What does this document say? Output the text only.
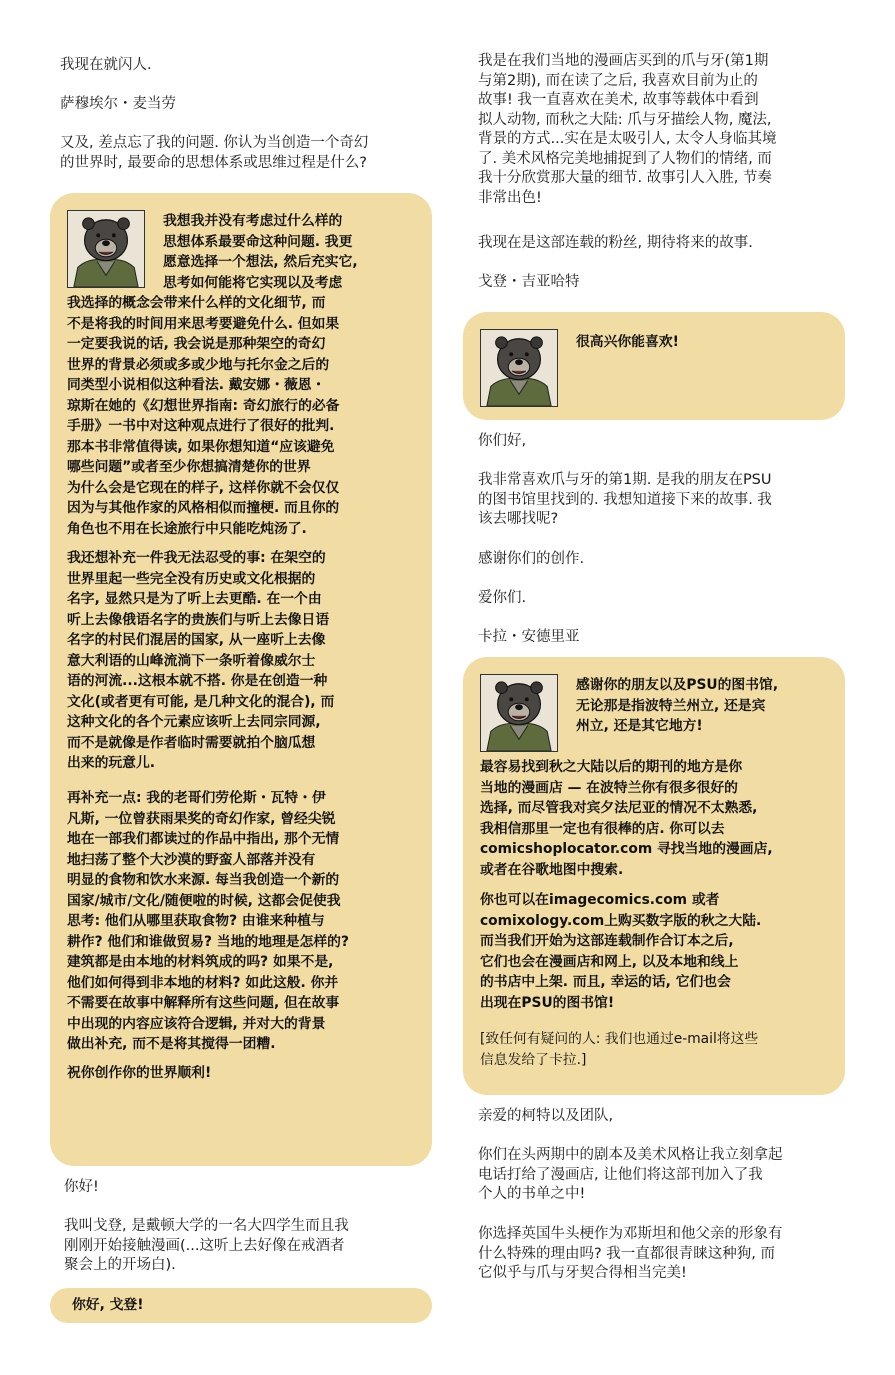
我现在就闪人.

萨穆埃尔・麦当劳

又及, 差点忘了我的问题. 你认为当创造一个奇幻
的世界时, 最要命的思想体系或思维过程是什么?

我想我并没有考虑过什么样的
思想体系最要命这种问题. 我更
愿意选择一个想法, 然后充实它,
思考如何能将它实现以及考虑

我选择的概念会带来什么样的文化细节, 而
不是将我的时间用来思考要避免什么. 但如果
一定要我说的话, 我会说是那种架空的奇幻
世界的背景必须或多或少地与托尔金之后的
同类型小说相似这种看法. 戴安娜・薇恩・
琼斯在她的《幻想世界指南: 奇幻旅行的必备
手册》一书中对这种观点进行了很好的批判.
那本书非常值得读, 如果你想知道“应该避免
哪些问题”或者至少你想搞清楚你的世界
为什么会是它现在的样子, 这样你就不会仅仅
因为与其他作家的风格相似而撞梗. 而且你的
角色也不用在长途旅行中只能吃炖汤了.

我还想补充一件我无法忍受的事: 在架空的
世界里起一些完全没有历史或文化根据的
名字, 显然只是为了听上去更酷. 在一个由
听上去像俄语名字的贵族们与听上去像日语
名字的村民们混居的国家, 从一座听上去像
意大利语的山峰流淌下一条听着像威尔士
语的河流...这根本就不搭. 你是在创造一种
文化(或者更有可能, 是几种文化的混合), 而
这种文化的各个元素应该听上去同宗同源,
而不是就像是作者临时需要就拍个脑瓜想
出来的玩意儿.

再补充一点: 我的老哥们劳伦斯・瓦特・伊
凡斯, 一位曾获雨果奖的奇幻作家, 曾经尖锐
地在一部我们都读过的作品中指出, 那个无情
地扫荡了整个大沙漠的野蛮人部落并没有
明显的食物和饮水来源. 每当我创造一个新的
国家/城市/文化/随便啦的时候, 这都会促使我
思考: 他们从哪里获取食物? 由谁来种植与
耕作? 他们和谁做贸易? 当地的地理是怎样的?
建筑都是由本地的材料筑成的吗? 如果不是,
他们如何得到非本地的材料? 如此这般. 你并
不需要在故事中解释所有这些问题, 但在故事
中出现的内容应该符合逻辑, 并对大的背景
做出补充, 而不是将其搅得一团糟.

祝你创作你的世界顺利!

你好!

我叫戈登, 是戴顿大学的一名大四学生而且我
刚刚开始接触漫画(...这听上去好像在戒酒者
聚会上的开场白).

你好, 戈登!

我是在我们当地的漫画店买到的爪与牙(第1期
与第2期), 而在读了之后, 我喜欢目前为止的
故事! 我一直喜欢在美术, 故事等载体中看到
拟人动物, 而秋之大陆: 爪与牙描绘人物, 魔法,
背景的方式...实在是太吸引人, 太令人身临其境
了. 美术风格完美地捕捉到了人物们的情绪, 而
我十分欣赏那大量的细节. 故事引人入胜, 节奏
非常出色!

我现在是这部连载的粉丝, 期待将来的故事.

戈登・吉亚哈特

很高兴你能喜欢!

你们好,

我非常喜欢爪与牙的第1期. 是我的朋友在PSU
的图书馆里找到的. 我想知道接下来的故事. 我
该去哪找呢?

感谢你们的创作.

爱你们.

卡拉・安德里亚

感谢你的朋友以及PSU的图书馆,
无论那是指波特兰州立, 还是宾
州立, 还是其它地方!

最容易找到秋之大陆以后的期刊的地方是你
当地的漫画店 — 在波特兰你有很多很好的
选择, 而尽管我对宾夕法尼亚的情况不太熟悉,
我相信那里一定也有很棒的店. 你可以去
comicshoplocator.com 寻找当地的漫画店,
或者在谷歌地图中搜索.

你也可以在imagecomics.com 或者
comixology.com上购买数字版的秋之大陆.
而当我们开始为这部连载制作合订本之后,
它们也会在漫画店和网上, 以及本地和线上
的书店中上架. 而且, 幸运的话, 它们也会
出现在PSU的图书馆!

[致任何有疑问的人: 我们也通过e-mail将这些
信息发给了卡拉.]

亲爱的柯特以及团队,

你们在头两期中的剧本及美术风格让我立刻拿起
电话打给了漫画店, 让他们将这部刊加入了我
个人的书单之中!

你选择英国牛头梗作为邓斯坦和他父亲的形象有
什么特殊的理由吗? 我一直都很青睐这种狗, 而
它似乎与爪与牙契合得相当完美!
